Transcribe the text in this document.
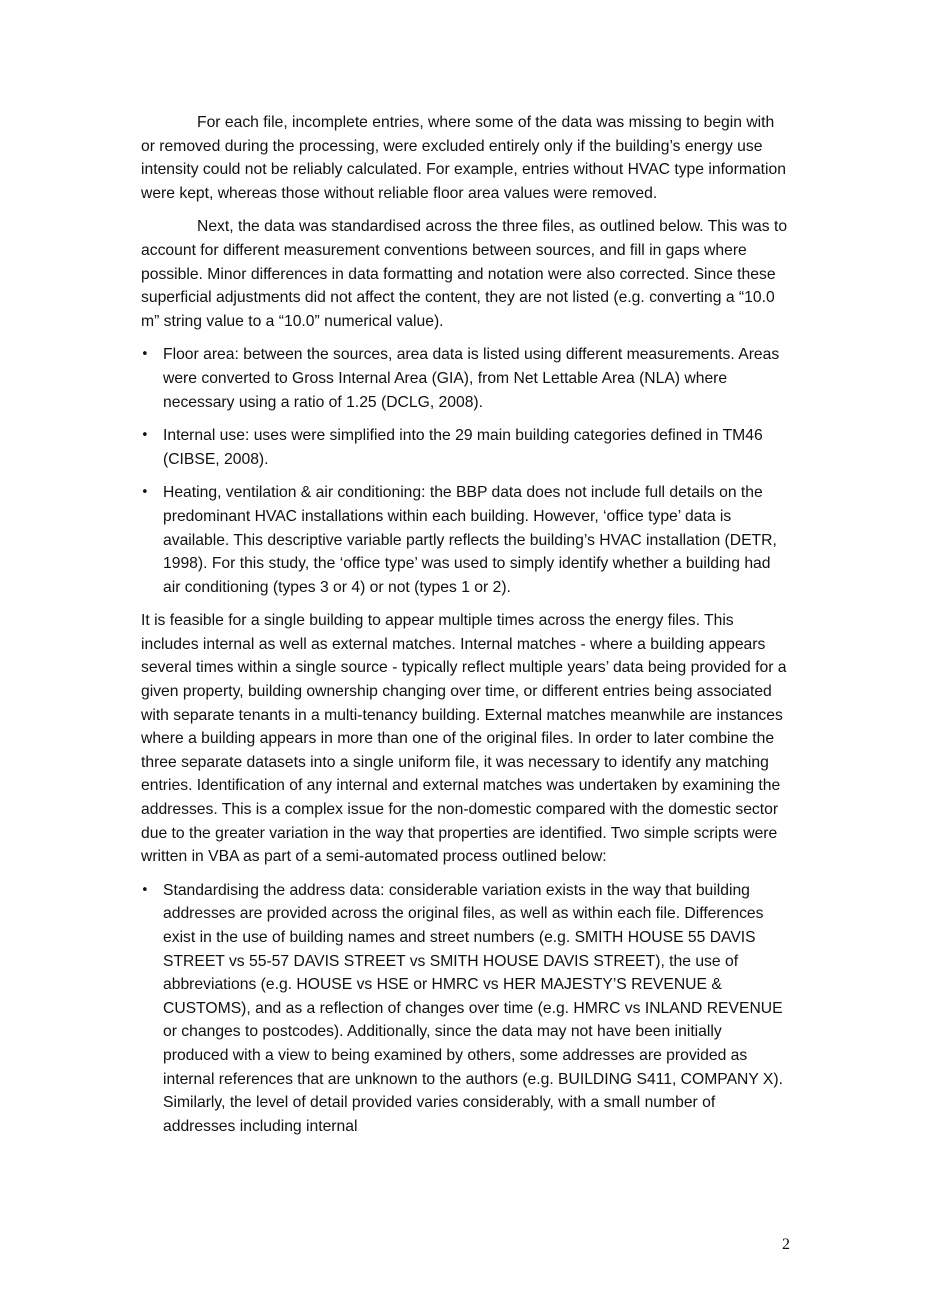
For each file, incomplete entries, where some of the data was missing to begin with or removed during the processing, were excluded entirely only if the building’s energy use intensity could not be reliably calculated. For example, entries without HVAC type information were kept, whereas those without reliable floor area values were removed.

Next, the data was standardised across the three files, as outlined below. This was to account for different measurement conventions between sources, and fill in gaps where possible. Minor differences in data formatting and notation were also corrected. Since these superficial adjustments did not affect the content, they are not listed (e.g. converting a “10.0 m” string value to a “10.0” numerical value).

• Floor area: between the sources, area data is listed using different measurements. Areas were converted to Gross Internal Area (GIA), from Net Lettable Area (NLA) where necessary using a ratio of 1.25 (DCLG, 2008).
• Internal use: uses were simplified into the 29 main building categories defined in TM46 (CIBSE, 2008).
• Heating, ventilation & air conditioning: the BBP data does not include full details on the predominant HVAC installations within each building. However, ‘office type’ data is available. This descriptive variable partly reflects the building’s HVAC installation (DETR, 1998). For this study, the ‘office type’ was used to simply identify whether a building had air conditioning (types 3 or 4) or not (types 1 or 2).

It is feasible for a single building to appear multiple times across the energy files. This includes internal as well as external matches. Internal matches - where a building appears several times within a single source - typically reflect multiple years’ data being provided for a given property, building ownership changing over time, or different entries being associated with separate tenants in a multi-tenancy building. External matches meanwhile are instances where a building appears in more than one of the original files. In order to later combine the three separate datasets into a single uniform file, it was necessary to identify any matching entries. Identification of any internal and external matches was undertaken by examining the addresses. This is a complex issue for the non-domestic compared with the domestic sector due to the greater variation in the way that properties are identified. Two simple scripts were written in VBA as part of a semi-automated process outlined below:

• Standardising the address data: considerable variation exists in the way that building addresses are provided across the original files, as well as within each file. Differences exist in the use of building names and street numbers (e.g. SMITH HOUSE 55 DAVIS STREET vs 55-57 DAVIS STREET vs SMITH HOUSE DAVIS STREET), the use of abbreviations (e.g. HOUSE vs HSE or HMRC vs HER MAJESTY’S REVENUE & CUSTOMS), and as a reflection of changes over time (e.g. HMRC vs INLAND REVENUE or changes to postcodes). Additionally, since the data may not have been initially produced with a view to being examined by others, some addresses are provided as internal references that are unknown to the authors (e.g. BUILDING S411, COMPANY X). Similarly, the level of detail provided varies considerably, with a small number of addresses including internal
2
